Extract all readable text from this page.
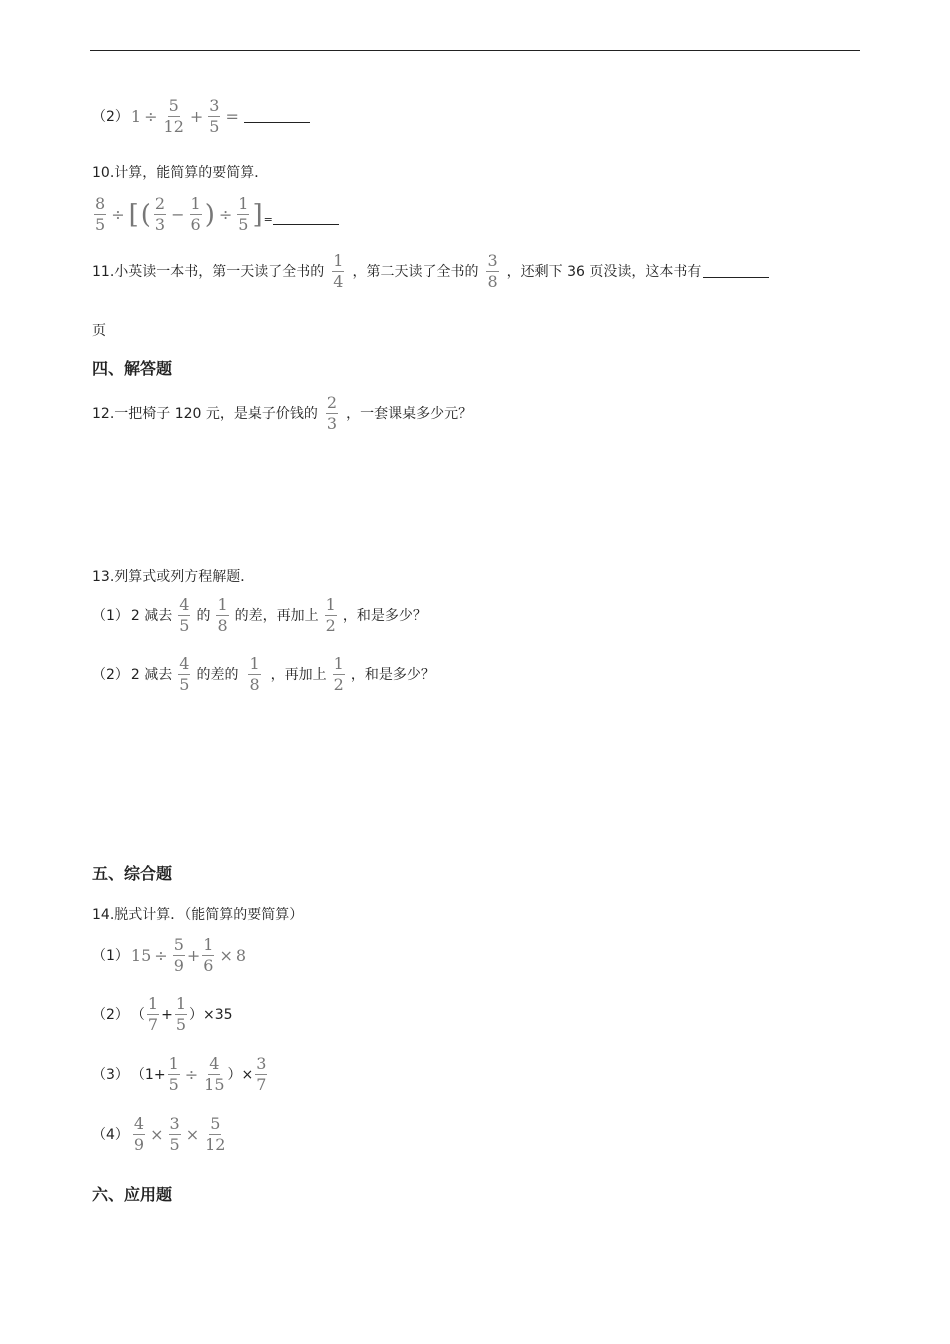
（2） $1 \div \frac{5}{12} + \frac{3}{5}$ =
10.计算，能简算的要简算．
$\frac{8}{5}$ ÷ [ ( $\frac{2}{3} - \frac{1}{6}$ ) ÷ $\frac{1}{5}$ ] =
11.小英读一本书，第一天读了全书的 $\frac{1}{4}$ ，第二天读了全书的 $\frac{3}{8}$ ，还剩下 36 页没读，这本书有
页
四、解答题
12.一把椅子 120 元，是桌子价钱的 $\frac{2}{3}$ ，一套课桌多少元？
13.列算式或列方程解题．
（1） 2 减去 $\frac{4}{5}$ 的 $\frac{1}{8}$ 的差，再加上 $\frac{1}{2}$ ，和是多少？
（2） 2 减去 $\frac{4}{5}$ 的差的 $\frac{1}{8}$ ，再加上 $\frac{1}{2}$ ，和是多少？
五、综合题
14.脱式计算．（能简算的要简算）
（1） $15 \div \frac{5}{9} + \frac{1}{6} \times 8$
（2） （ $\frac{1}{7} + \frac{1}{5} )\times 35$
（3） （$1+ \frac{1}{5} \div \frac{4}{15}$ ）× $\frac{3}{7}$
$(4) \frac{4}{9} \times \frac{3}{5} \times \frac{5}{12}$
六、应用题
